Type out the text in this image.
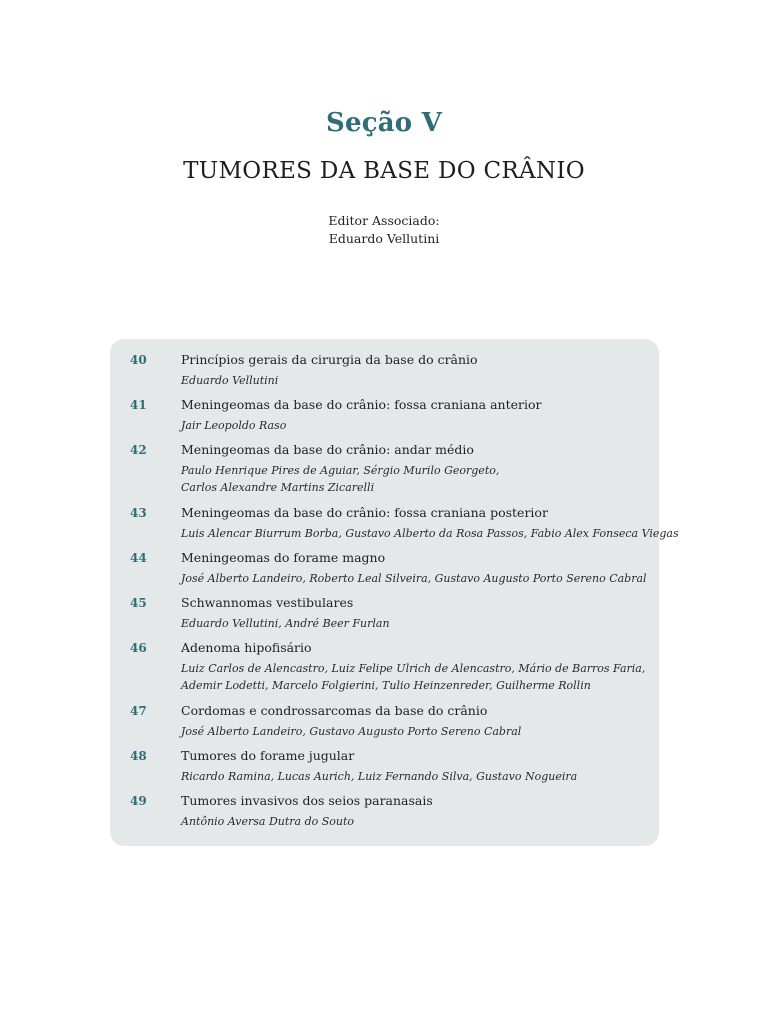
Seção V
TUMORES DA BASE DO CRÂNIO
Editor Associado:
Eduardo Vellutini
40	Princípios gerais da cirurgia da base do crânio
Eduardo Vellutini
41	Meningeomas da base do crânio: fossa craniana anterior
Jair Leopoldo Raso
42	Meningeomas da base do crânio: andar médio
Paulo Henrique Pires de Aguiar, Sérgio Murilo Georgeto,
Carlos Alexandre Martins Zicarelli
43	Meningeomas da base do crânio: fossa craniana posterior
Luis Alencar Biurrum Borba, Gustavo Alberto da Rosa Passos, Fabio Alex Fonseca Viegas
44	Meningeomas do forame magno
José Alberto Landeiro, Roberto Leal Silveira, Gustavo Augusto Porto Sereno Cabral
45	Schwannomas vestibulares
Eduardo Vellutini, André Beer Furlan
46	Adenoma hipofisário
Luiz Carlos de Alencastro, Luiz Felipe Ulrich de Alencastro, Mário de Barros Faria,
Ademir Lodetti, Marcelo Folgierini, Tulio Heinzenreder, Guilherme Rollin
47	Cordomas e condrossarcomas da base do crânio
José Alberto Landeiro, Gustavo Augusto Porto Sereno Cabral
48	Tumores do forame jugular
Ricardo Ramina, Lucas Aurich, Luiz Fernando Silva, Gustavo Nogueira
49	Tumores invasivos dos seios paranasais
Antônio Aversa Dutra do Souto
